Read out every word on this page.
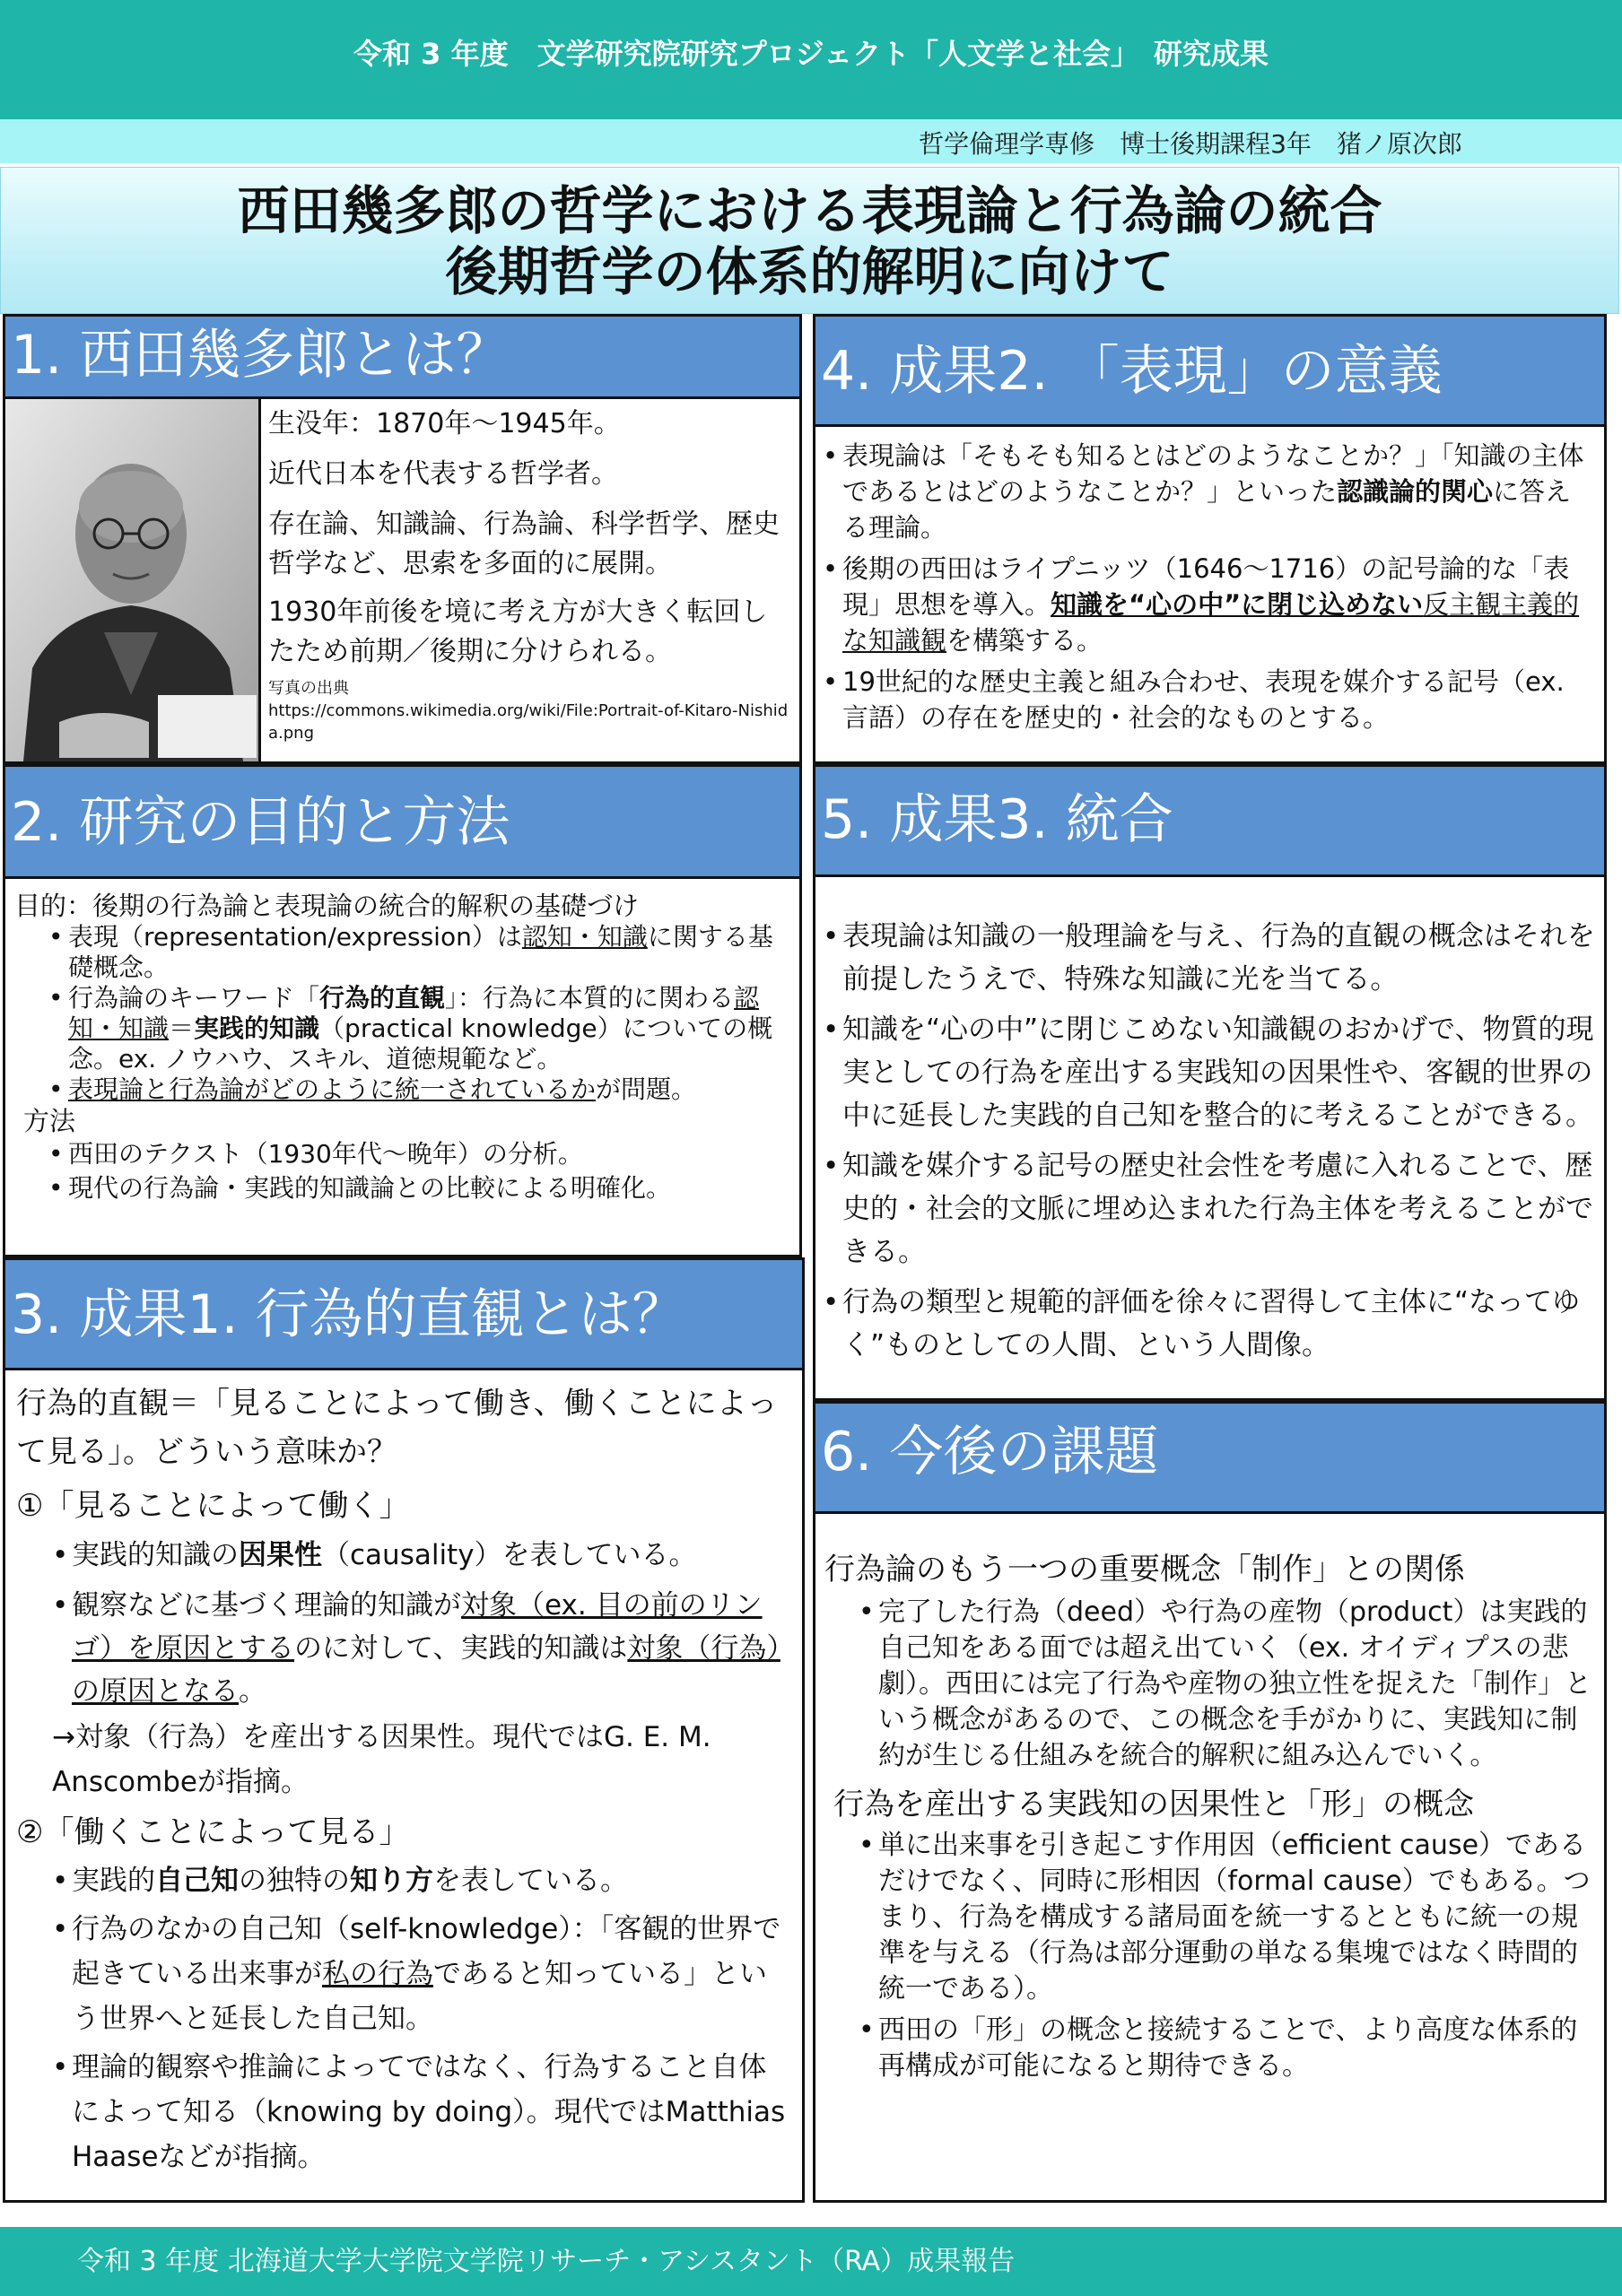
令和 3 年度　文学研究院研究プロジェクト「人文学と社会」　研究成果
哲学倫理学専修　博士後期課程3年　猪ノ原次郎
西田幾多郎の哲学における表現論と行為論の統合
後期哲学の体系的解明に向けて
1. 西田幾多郎とは？
生没年：1870年～1945年。
近代日本を代表する哲学者。
存在論、知識論、行為論、科学哲学、歴史哲学など、思索を多面的に展開。
1930年前後を境に考え方が大きく転回したため前期／後期に分けられる。
写真の出典
https://commons.wikimedia.org/wiki/File:Portrait-of-Kitaro-Nishida.png
2. 研究の目的と方法
目的：後期の行為論と表現論の統合的解釈の基礎づけ
• 表現（representation/expression）は認知・知識に関する基礎概念。
• 行為論のキーワード「行為的直観」：行為に本質的に関わる認知・知識＝実践的知識（practical knowledge）についての概念。ex. ノウハウ、スキル、道徳規範など。
• 表現論と行為論がどのように統一されているかが問題。
方法
• 西田のテクスト（1930年代～晩年）の分析。
• 現代の行為論・実践的知識論との比較による明確化。
3. 成果1. 行為的直観とは？
行為的直観＝「見ることによって働き、働くことによって見る」。どういう意味か？
①「見ることによって働く」
• 実践的知識の因果性（causality）を表している。
• 観察などに基づく理論的知識が対象（ex. 目の前のリンゴ）を原因とするのに対して、実践的知識は対象（行為）の原因となる。
→対象（行為）を産出する因果性。現代ではG. E. M. Anscombeが指摘。
②「働くことによって見る」
• 実践的自己知の独特の知り方を表している。
• 行為のなかの自己知（self-knowledge）：「客観的世界で起きている出来事が私の行為であると知っている」という世界へと延長した自己知。
• 理論的観察や推論によってではなく、行為すること自体によって知る（knowing by doing）。現代ではMatthias Haaseなどが指摘。
4. 成果2. 「表現」の意義
• 表現論は「そもそも知るとはどのようなことか？」「知識の主体であるとはどのようなことか？」といった認識論的関心に答える理論。
• 後期の西田はライプニッツ（1646～1716）の記号論的な「表現」思想を導入。知識を“心の中”に閉じ込めない反主観主義的な知識観を構築する。
• 19世紀的な歴史主義と組み合わせ、表現を媒介する記号（ex. 言語）の存在を歴史的・社会的なものとする。
5. 成果3. 統合
• 表現論は知識の一般理論を与え、行為的直観の概念はそれを前提したうえで、特殊な知識に光を当てる。
• 知識を“心の中”に閉じこめない知識観のおかげで、物質的現実としての行為を産出する実践知の因果性や、客観的世界の中に延長した実践的自己知を整合的に考えることができる。
• 知識を媒介する記号の歴史社会性を考慮に入れることで、歴史的・社会的文脈に埋め込まれた行為主体を考えることができる。
• 行為の類型と規範的評価を徐々に習得して主体に“なってゆく”ものとしての人間、という人間像。
6. 今後の課題
行為論のもう一つの重要概念「制作」との関係
• 完了した行為（deed）や行為の産物（product）は実践的自己知をある面では超え出ていく（ex. オイディプスの悲劇）。西田には完了行為や産物の独立性を捉えた「制作」という概念があるので、この概念を手がかりに、実践知に制約が生じる仕組みを統合的解釈に組み込んでいく。
行為を産出する実践知の因果性と「形」の概念
• 単に出来事を引き起こす作用因（efficient cause）であるだけでなく、同時に形相因（formal cause）でもある。つまり、行為を構成する諸局面を統一するとともに統一の規準を与える（行為は部分運動の単なる集塊ではなく時間的統一である）。
• 西田の「形」の概念と接続することで、より高度な体系的再構成が可能になると期待できる。
令和 3 年度 北海道大学大学院文学院リサーチ・アシスタント（RA）成果報告
